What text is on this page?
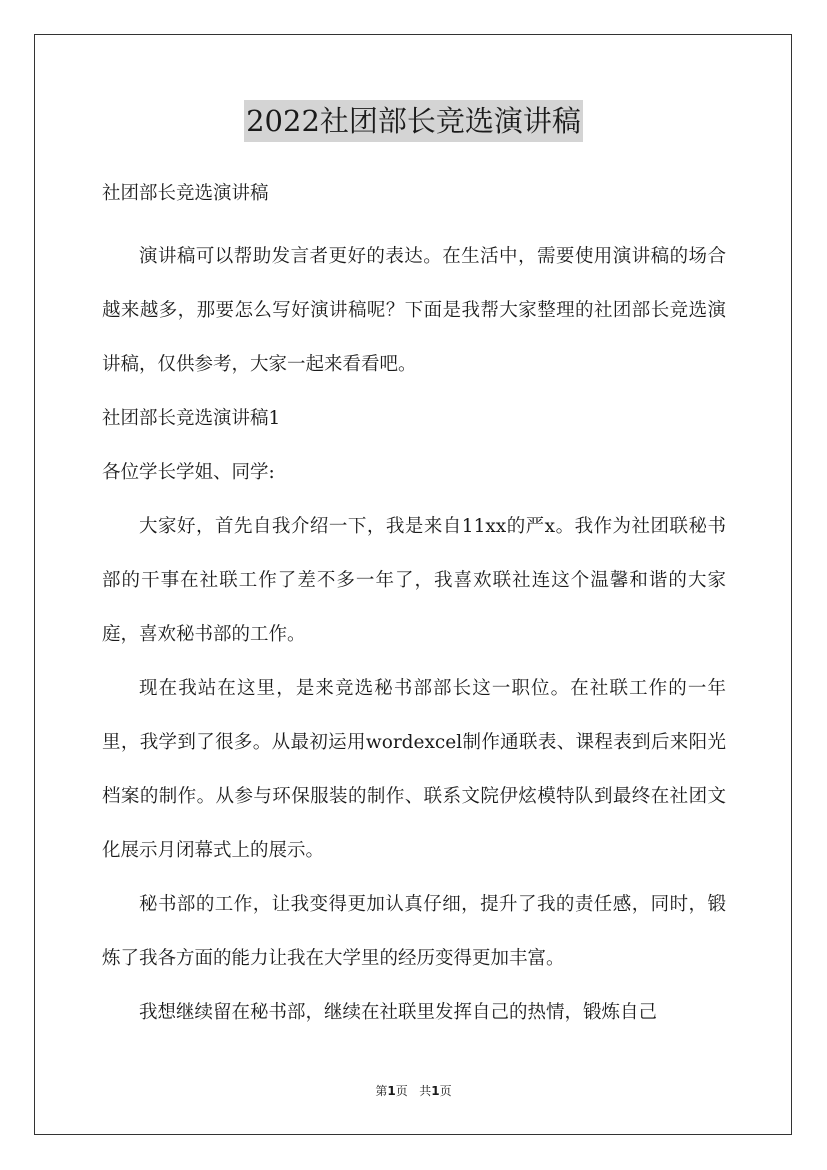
2022社团部长竞选演讲稿

社团部长竞选演讲稿

演讲稿可以帮助发言者更好的表达。在生活中，需要使用演讲稿的场合越来越多，那要怎么写好演讲稿呢？下面是我帮大家整理的社团部长竞选演讲稿，仅供参考，大家一起来看看吧。

社团部长竞选演讲稿1

各位学长学姐、同学:

大家好，首先自我介绍一下，我是来自11xx的严x。我作为社团联秘书部的干事在社联工作了差不多一年了，我喜欢联社连这个温馨和谐的大家庭，喜欢秘书部的工作。

现在我站在这里，是来竞选秘书部部长这一职位。在社联工作的一年里，我学到了很多。从最初运用wordexcel制作通联表、课程表到后来阳光档案的制作。从参与环保服装的制作、联系文院伊炫模特队到最终在社团文化展示月闭幕式上的展示。

秘书部的工作，让我变得更加认真仔细，提升了我的责任感，同时，锻炼了我各方面的能力让我在大学里的经历变得更加丰富。

我想继续留在秘书部，继续在社联里发挥自己的热情，锻炼自己

第1页 共1页
